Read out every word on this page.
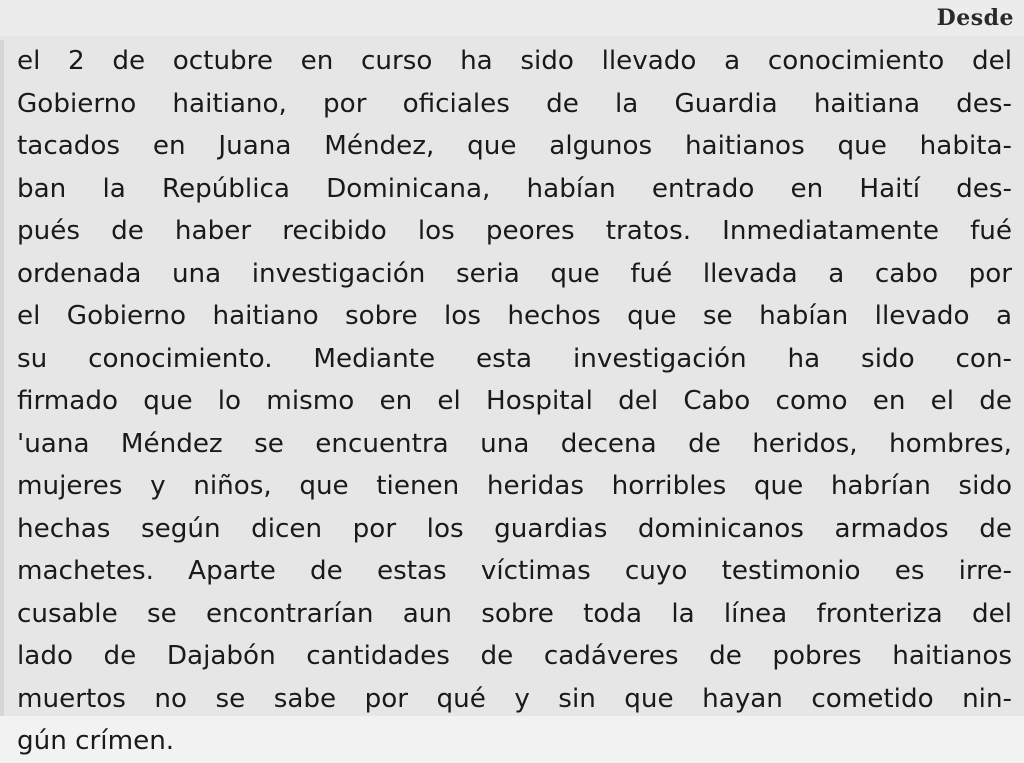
Desde
el 2 de octubre en curso ha sido llevado a conocimiento del
Gobierno haitiano, por oficiales de la Guardia haitiana des-
tacados en Juana Méndez, que algunos haitianos que habita-
ban la República Dominicana, habían entrado en Haití des-
pués de haber recibido los peores tratos. Inmediatamente fué
ordenada una investigación seria que fué llevada a cabo por
el Gobierno haitiano sobre los hechos que se habían llevado a
su conocimiento. Mediante esta investigación ha sido con-
firmado que lo mismo en el Hospital del Cabo como en el de
'uana Méndez se encuentra una decena de heridos, hombres,
mujeres y niños, que tienen heridas horribles que habrían sido
hechas según dicen por los guardias dominicanos armados de
machetes. Aparte de estas víctimas cuyo testimonio es irre-
cusable se encontrarían aun sobre toda la línea fronteriza del
lado de Dajabón cantidades de cadáveres de pobres haitianos
muertos no se sabe por qué y sin que hayan cometido nin-
gún crímen.
